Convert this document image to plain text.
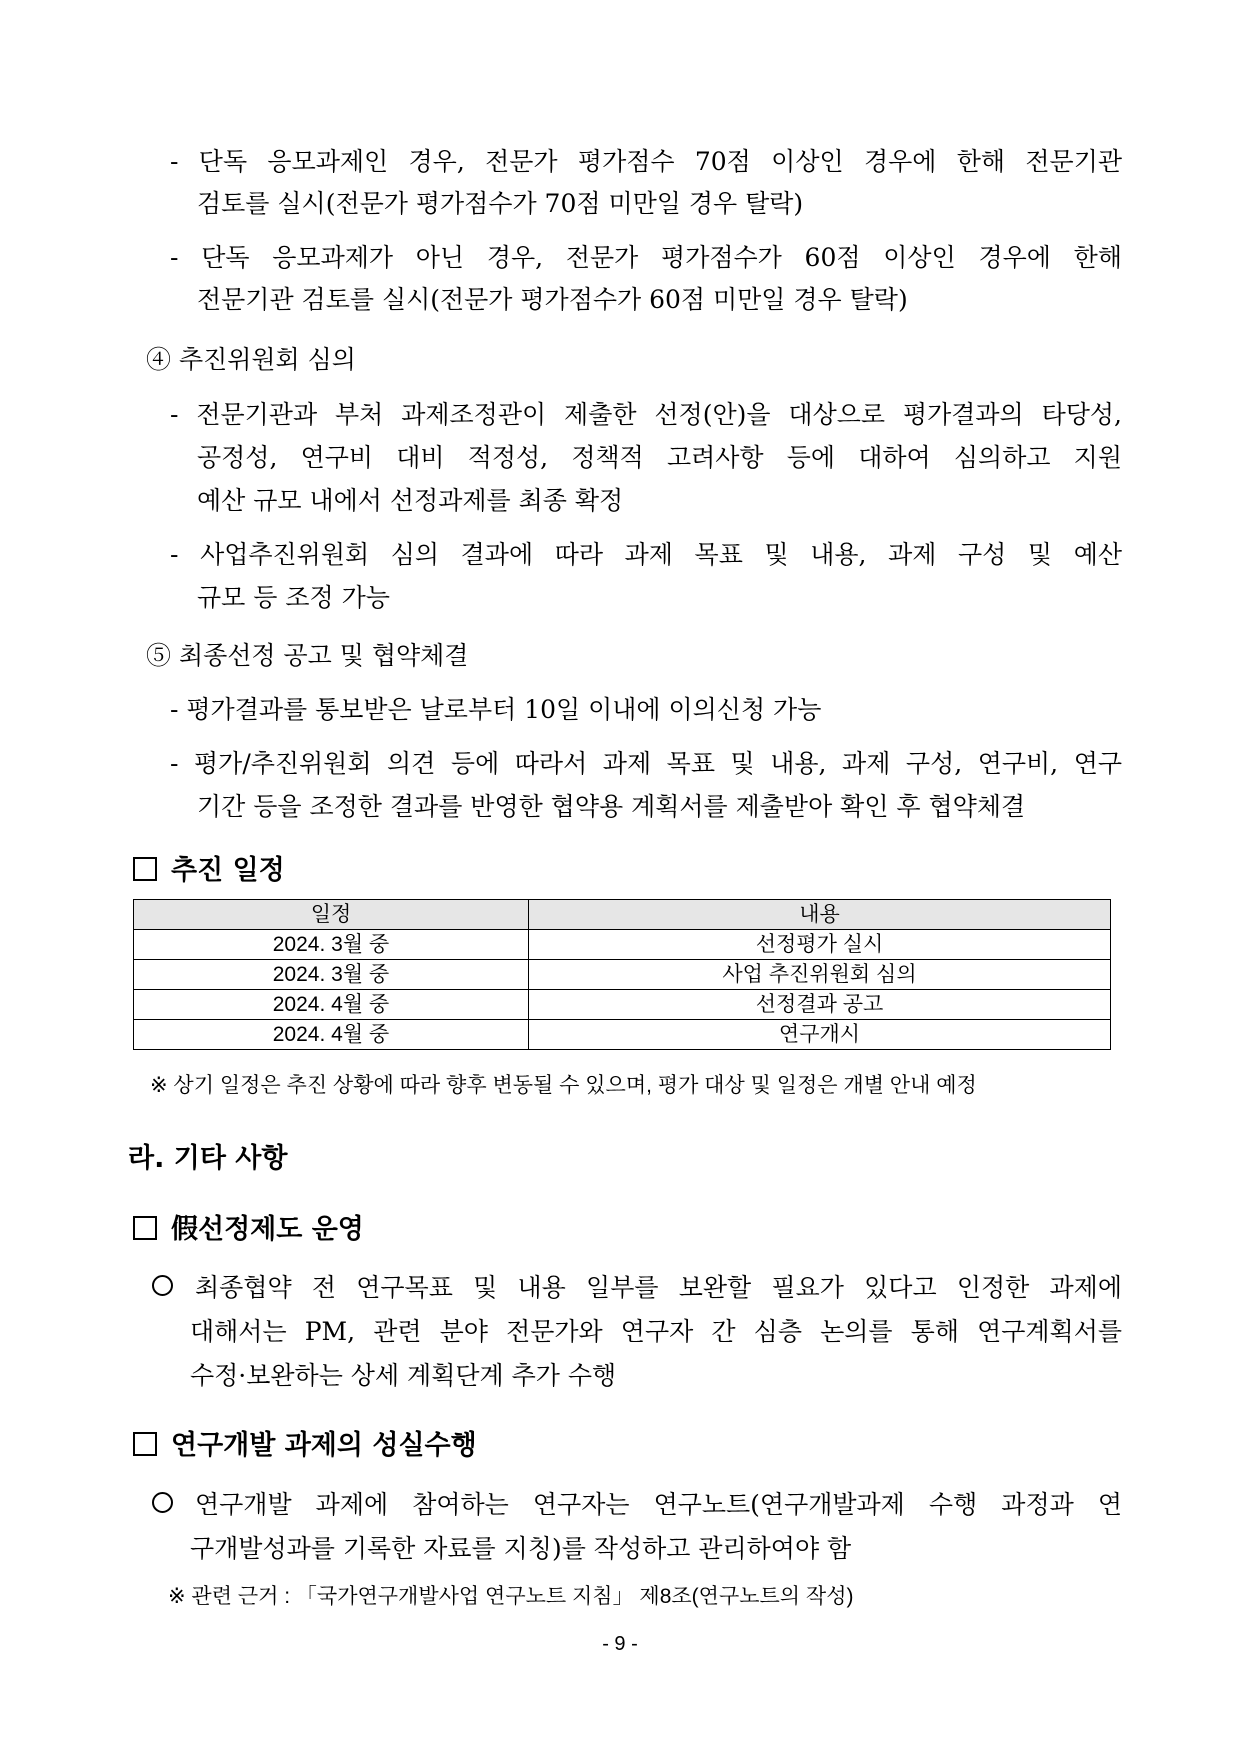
- 단독 응모과제인 경우, 전문가 평가점수 70점 이상인 경우에 한해 전문기관
검토를 실시(전문가 평가점수가 70점 미만일 경우 탈락)
- 단독 응모과제가 아닌 경우, 전문가 평가점수가 60점 이상인 경우에 한해
전문기관 검토를 실시(전문가 평가점수가 60점 미만일 경우 탈락)
④ 추진위원회 심의
- 전문기관과 부처 과제조정관이 제출한 선정(안)을 대상으로 평가결과의 타당성,
공정성, 연구비 대비 적정성, 정책적 고려사항 등에 대하여 심의하고 지원
예산 규모 내에서 선정과제를 최종 확정
- 사업추진위원회 심의 결과에 따라 과제 목표 및 내용, 과제 구성 및 예산
규모 등 조정 가능
⑤ 최종선정 공고 및 협약체결
- 평가결과를 통보받은 날로부터 10일 이내에 이의신청 가능
- 평가/추진위원회 의견 등에 따라서 과제 목표 및 내용, 과제 구성, 연구비, 연구
기간 등을 조정한 결과를 반영한 협약용 계획서를 제출받아 확인 후 협약체결
추진 일정
일정	내용
2024. 3월 중	선정평가 실시
2024. 3월 중	사업 추진위원회 심의
2024. 4월 중	선정결과 공고
2024. 4월 중	연구개시
※ 상기 일정은 추진 상황에 따라 향후 변동될 수 있으며, 평가 대상 및 일정은 개별 안내 예정
라. 기타 사항
假선정제도 운영
최종협약 전 연구목표 및 내용 일부를 보완할 필요가 있다고 인정한 과제에
대해서는 PM, 관련 분야 전문가와 연구자 간 심층 논의를 통해 연구계획서를
수정·보완하는 상세 계획단계 추가 수행
연구개발 과제의 성실수행
연구개발 과제에 참여하는 연구자는 연구노트(연구개발과제 수행 과정과 연
구개발성과를 기록한 자료를 지칭)를 작성하고 관리하여야 함
※ 관련 근거 : 「국가연구개발사업 연구노트 지침」 제8조(연구노트의 작성)
- 9 -
